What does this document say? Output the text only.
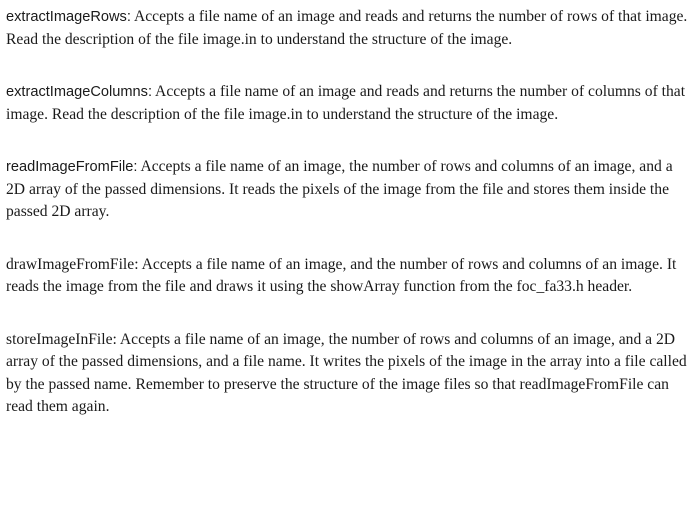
extractImageRows: Accepts a file name of an image and reads and returns the number of rows of that image. Read the description of the file image.in to understand the structure of the image.

extractImageColumns: Accepts a file name of an image and reads and returns the number of columns of that image. Read the description of the file image.in to understand the structure of the image.

readImageFromFile: Accepts a file name of an image, the number of rows and columns of an image, and a 2D array of the passed dimensions. It reads the pixels of the image from the file and stores them inside the passed 2D array.

drawImageFromFile: Accepts a file name of an image, and the number of rows and columns of an image. It reads the image from the file and draws it using the showArray function from the foc_fa33.h header.

storeImageInFile: Accepts a file name of an image, the number of rows and columns of an image, and a 2D array of the passed dimensions, and a file name. It writes the pixels of the image in the array into a file called by the passed name. Remember to preserve the structure of the image files so that readImageFromFile can read them again.
